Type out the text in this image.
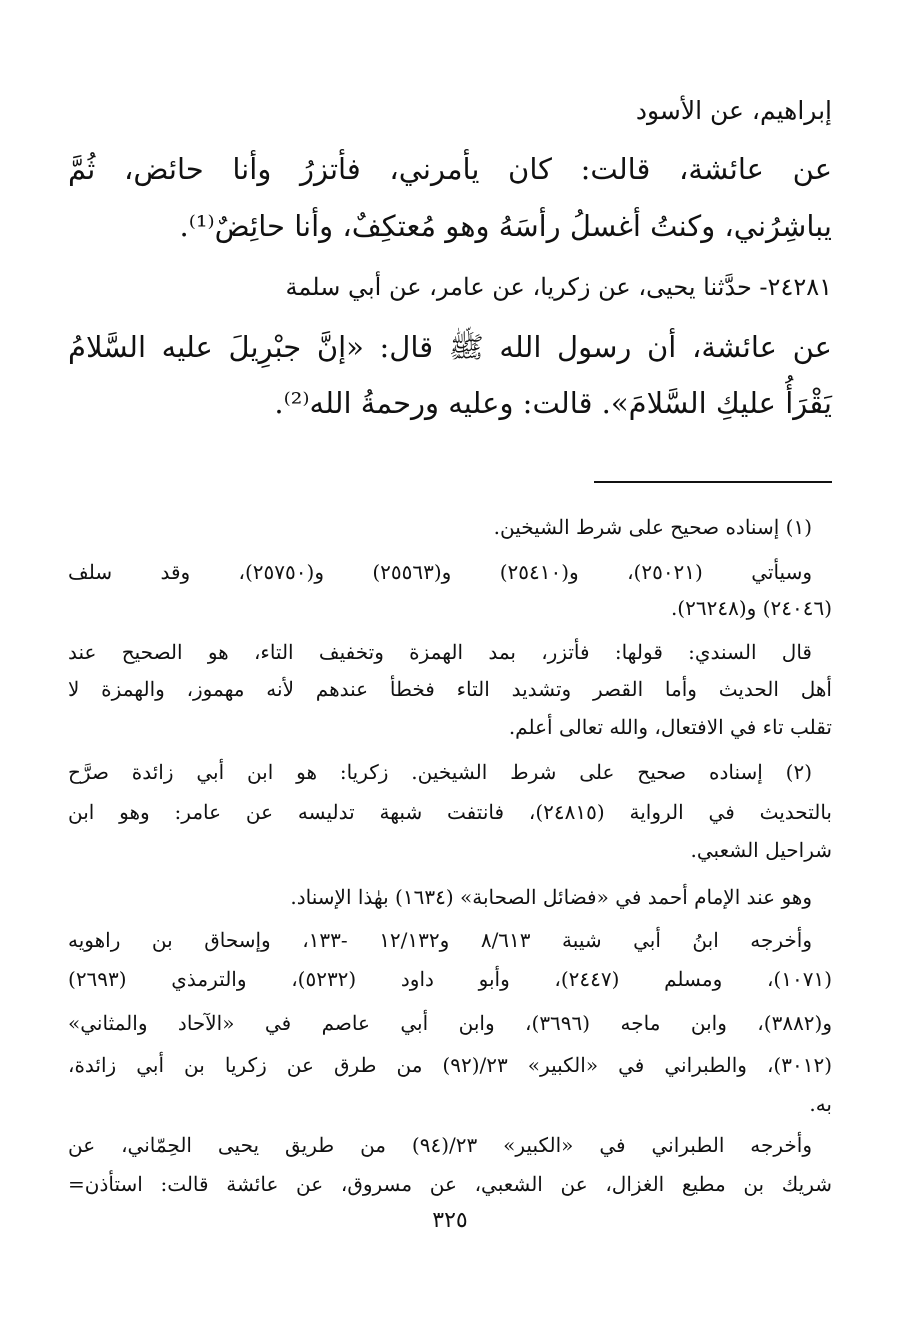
إبراهيم، عن الأسود
عن عائشة، قالت: كان يأمرني، فأتزرُ وأنا حائض، ثُمَّ
يباشِرُني، وكنتُ أغسلُ رأسَهُ وهو مُعتكِفٌ، وأنا حائِضٌ⁽¹⁾.
٢٤٢٨١- حدَّثنا يحيى، عن زكريا، عن عامر، عن أبي سلمة
عن عائشة، أن رسول الله ﷺ قال: «إنَّ جبْرِيلَ عليه السَّلامُ
يَقْرَأُ عليكِ السَّلامَ». قالت: وعليه ورحمةُ الله⁽²⁾.
(١) إسناده صحيح على شرط الشيخين.
وسيأتي (٢٥٠٢١)، و(٢٥٤١٠) و(٢٥٥٦٣) و(٢٥٧٥٠)، وقد سلف
(٢٤٠٤٦) و(٢٦٢٤٨).
قال السندي: قولها: فأتزر، بمد الهمزة وتخفيف التاء، هو الصحيح عند
أهل الحديث وأما القصر وتشديد التاء فخطأ عندهم لأنه مهموز، والهمزة لا
تقلب تاء في الافتعال، والله تعالى أعلم.
(٢) إسناده صحيح على شرط الشيخين. زكريا: هو ابن أبي زائدة صرَّح
بالتحديث في الرواية (٢٤٨١٥)، فانتفت شبهة تدليسه عن عامر: وهو ابن
شراحيل الشعبي.
وهو عند الإمام أحمد في «فضائل الصحابة» (١٦٣٤) بهٰذا الإسناد.
وأخرجه ابنُ أبي شيبة ٨/٦١٣ و١٢/١٣٢ -١٣٣، وإسحاق بن راهويه
(١٠٧١)، ومسلم (٢٤٤٧)، وأبو داود (٥٢٣٢)، والترمذي (٢٦٩٣)
و(٣٨٨٢)، وابن ماجه (٣٦٩٦)، وابن أبي عاصم في «الآحاد والمثاني»
(٣٠١٢)، والطبراني في «الكبير» ٢٣/(٩٢) من طرق عن زكريا بن أبي زائدة،
به.
وأخرجه الطبراني في «الكبير» ٢٣/(٩٤) من طريق يحيى الحِمّاني، عن
شريك بن مطيع الغزال، عن الشعبي، عن مسروق، عن عائشة قالت: استأذن=
٣٢٥
